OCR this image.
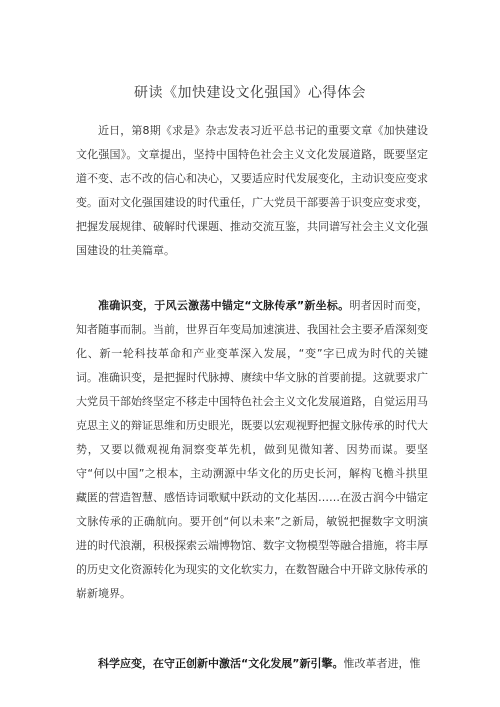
研读《加快建设文化强国》心得体会

近日，第8期《求是》杂志发表习近平总书记的重要文章《加快建设文化强国》。文章提出，坚持中国特色社会主义文化发展道路，既要坚定道不变、志不改的信心和决心，又要适应时代发展变化，主动识变应变求变。面对文化强国建设的时代重任，广大党员干部要善于识变应变求变，把握发展规律、破解时代课题、推动交流互鉴，共同谱写社会主义文化强国建设的壮美篇章。

准确识变，于风云激荡中锚定“文脉传承”新坐标。明者因时而变，知者随事而制。当前，世界百年变局加速演进、我国社会主要矛盾深刻变化、新一轮科技革命和产业变革深入发展，“变”字已成为时代的关键词。准确识变，是把握时代脉搏、赓续中华文脉的首要前提。这就要求广大党员干部始终坚定不移走中国特色社会主义文化发展道路，自觉运用马克思主义的辩证思维和历史眼光，既要以宏观视野把握文脉传承的时代大势，又要以微观视角洞察变革先机，做到见微知著、因势而谋。要坚守“何以中国”之根本，主动溯源中华文化的历史长河，解构飞檐斗拱里藏匿的营造智慧、感悟诗词歌赋中跃动的文化基因……在汲古润今中锚定文脉传承的正确航向。要开创“何以未来”之新局，敏锐把握数字文明演进的时代浪潮，积极探索云端博物馆、数字文物模型等融合措施，将丰厚的历史文化资源转化为现实的文化软实力，在数智融合中开辟文脉传承的崭新境界。

科学应变，在守正创新中激活“文化发展”新引擎。惟改革者进，惟
